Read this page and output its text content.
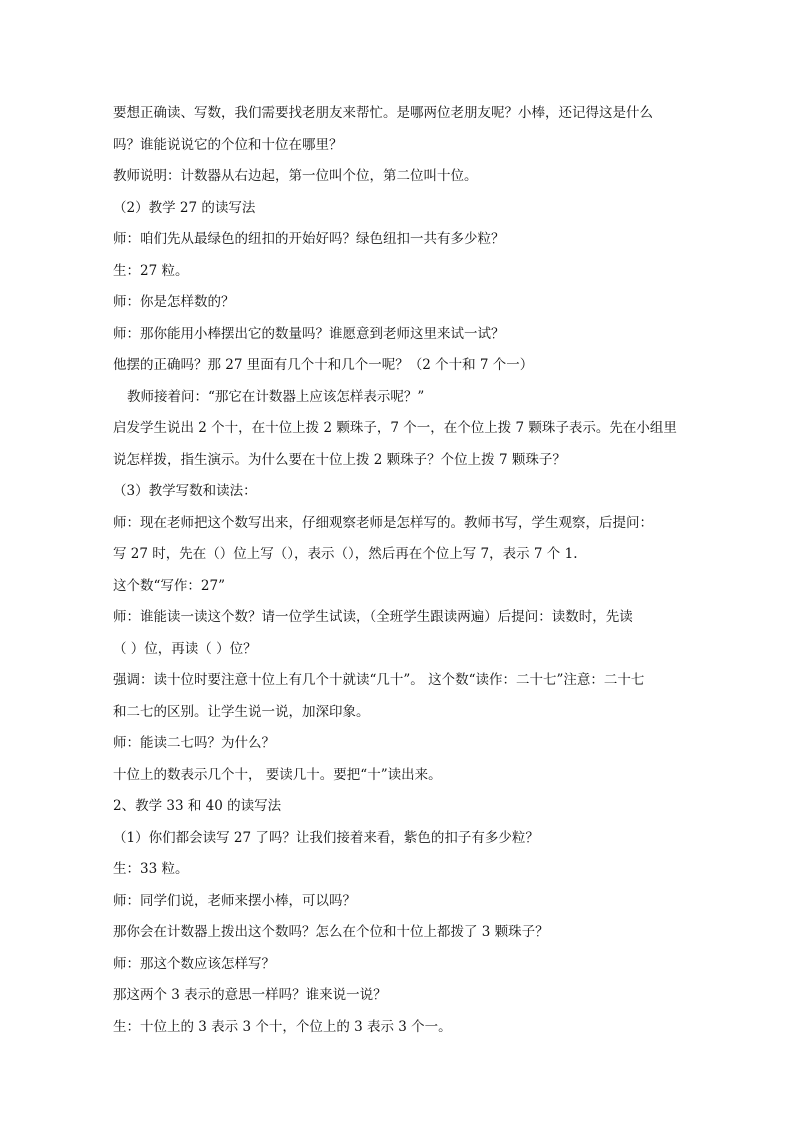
要想正确读、写数，我们需要找老朋友来帮忙。是哪两位老朋友呢？小棒，还记得这是什么
吗？谁能说说它的个位和十位在哪里？
教师说明：计数器从右边起，第一位叫个位，第二位叫十位。
（2）教学 27 的读写法
师：咱们先从最绿色的纽扣的开始好吗？绿色纽扣一共有多少粒？
生：27 粒。
师：你是怎样数的？
师：那你能用小棒摆出它的数量吗？谁愿意到老师这里来试一试？
他摆的正确吗？那 27 里面有几个十和几个一呢？（2 个十和 7 个一）
教师接着问：“那它在计数器上应该怎样表示呢？”
启发学生说出 2 个十，在十位上拨 2 颗珠子，7 个一，在个位上拨 7 颗珠子表示。先在小组里
说怎样拨，指生演示。为什么要在十位上拨 2 颗珠子？个位上拨 7 颗珠子？
（3）教学写数和读法：
师：现在老师把这个数写出来，仔细观察老师是怎样写的。教师书写，学生观察，后提问：
写 27 时，先在（）位上写（），表示（），然后再在个位上写 7，表示 7 个 1.
这个数“写作：27”
师：谁能读一读这个数？请一位学生试读，（全班学生跟读两遍）后提问：读数时，先读
（ ）位，再读（ ）位？
强调：读十位时要注意十位上有几个十就读“几十”。 这个数“读作：二十七”注意：二十七
和二七的区别。让学生说一说，加深印象。
师：能读二七吗？为什么？
十位上的数表示几个十， 要读几十。要把“十”读出来。
2、教学 33 和 40 的读写法
（1）你们都会读写 27 了吗？让我们接着来看，紫色的扣子有多少粒？
生：33 粒。
师：同学们说，老师来摆小棒，可以吗？
那你会在计数器上拨出这个数吗？怎么在个位和十位上都拨了 3 颗珠子？
师：那这个数应该怎样写？
那这两个 3 表示的意思一样吗？谁来说一说？
生：十位上的 3 表示 3 个十，个位上的 3 表示 3 个一。
